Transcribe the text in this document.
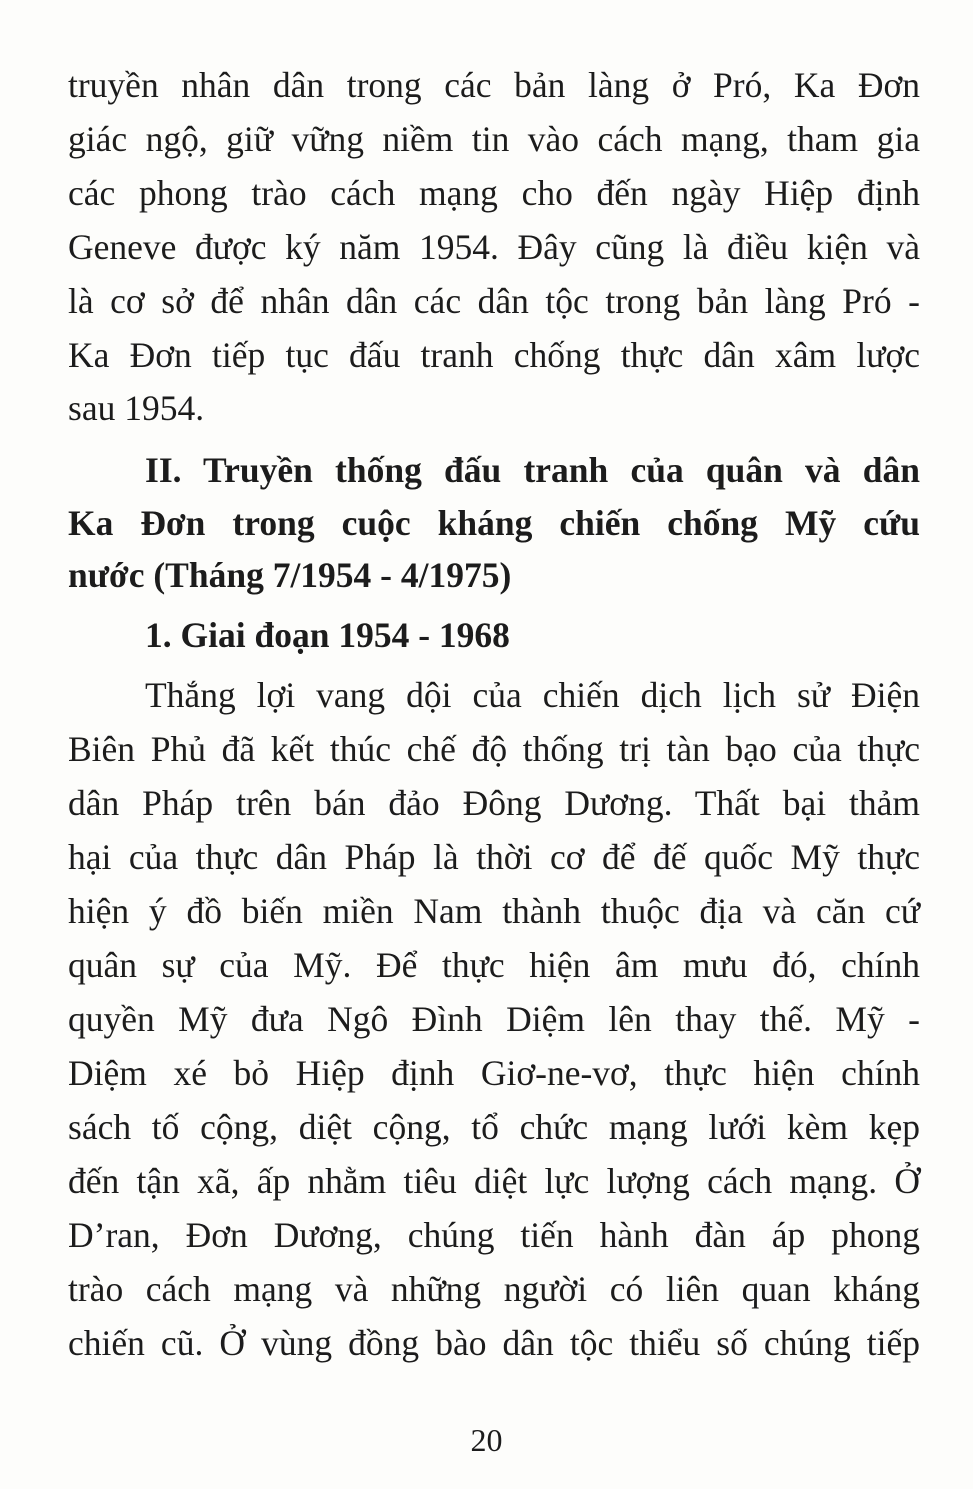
truyền nhân dân trong các bản làng ở Pró, Ka Đơn
giác ngộ, giữ vững niềm tin vào cách mạng, tham gia
các phong trào cách mạng cho đến ngày Hiệp định
Geneve được ký năm 1954. Đây cũng là điều kiện và
là cơ sở để nhân dân các dân tộc trong bản làng Pró -
Ka Đơn tiếp tục đấu tranh chống thực dân xâm lược
sau 1954.
II. Truyền thống đấu tranh của quân và dân
Ka Đơn trong cuộc kháng chiến chống Mỹ cứu
nước (Tháng 7/1954 - 4/1975)
1. Giai đoạn 1954 - 1968
Thắng lợi vang dội của chiến dịch lịch sử Điện
Biên Phủ đã kết thúc chế độ thống trị tàn bạo của thực
dân Pháp trên bán đảo Đông Dương. Thất bại thảm
hại của thực dân Pháp là thời cơ để đế quốc Mỹ thực
hiện ý đồ biến miền Nam thành thuộc địa và căn cứ
quân sự của Mỹ. Để thực hiện âm mưu đó, chính
quyền Mỹ đưa Ngô Đình Diệm lên thay thế. Mỹ -
Diệm xé bỏ Hiệp định Giơ-ne-vơ, thực hiện chính
sách tố cộng, diệt cộng, tổ chức mạng lưới kèm kẹp
đến tận xã, ấp nhằm tiêu diệt lực lượng cách mạng. Ở
D’ran, Đơn Dương, chúng tiến hành đàn áp phong
trào cách mạng và những người có liên quan kháng
chiến cũ. Ở vùng đồng bào dân tộc thiểu số chúng tiếp
20
